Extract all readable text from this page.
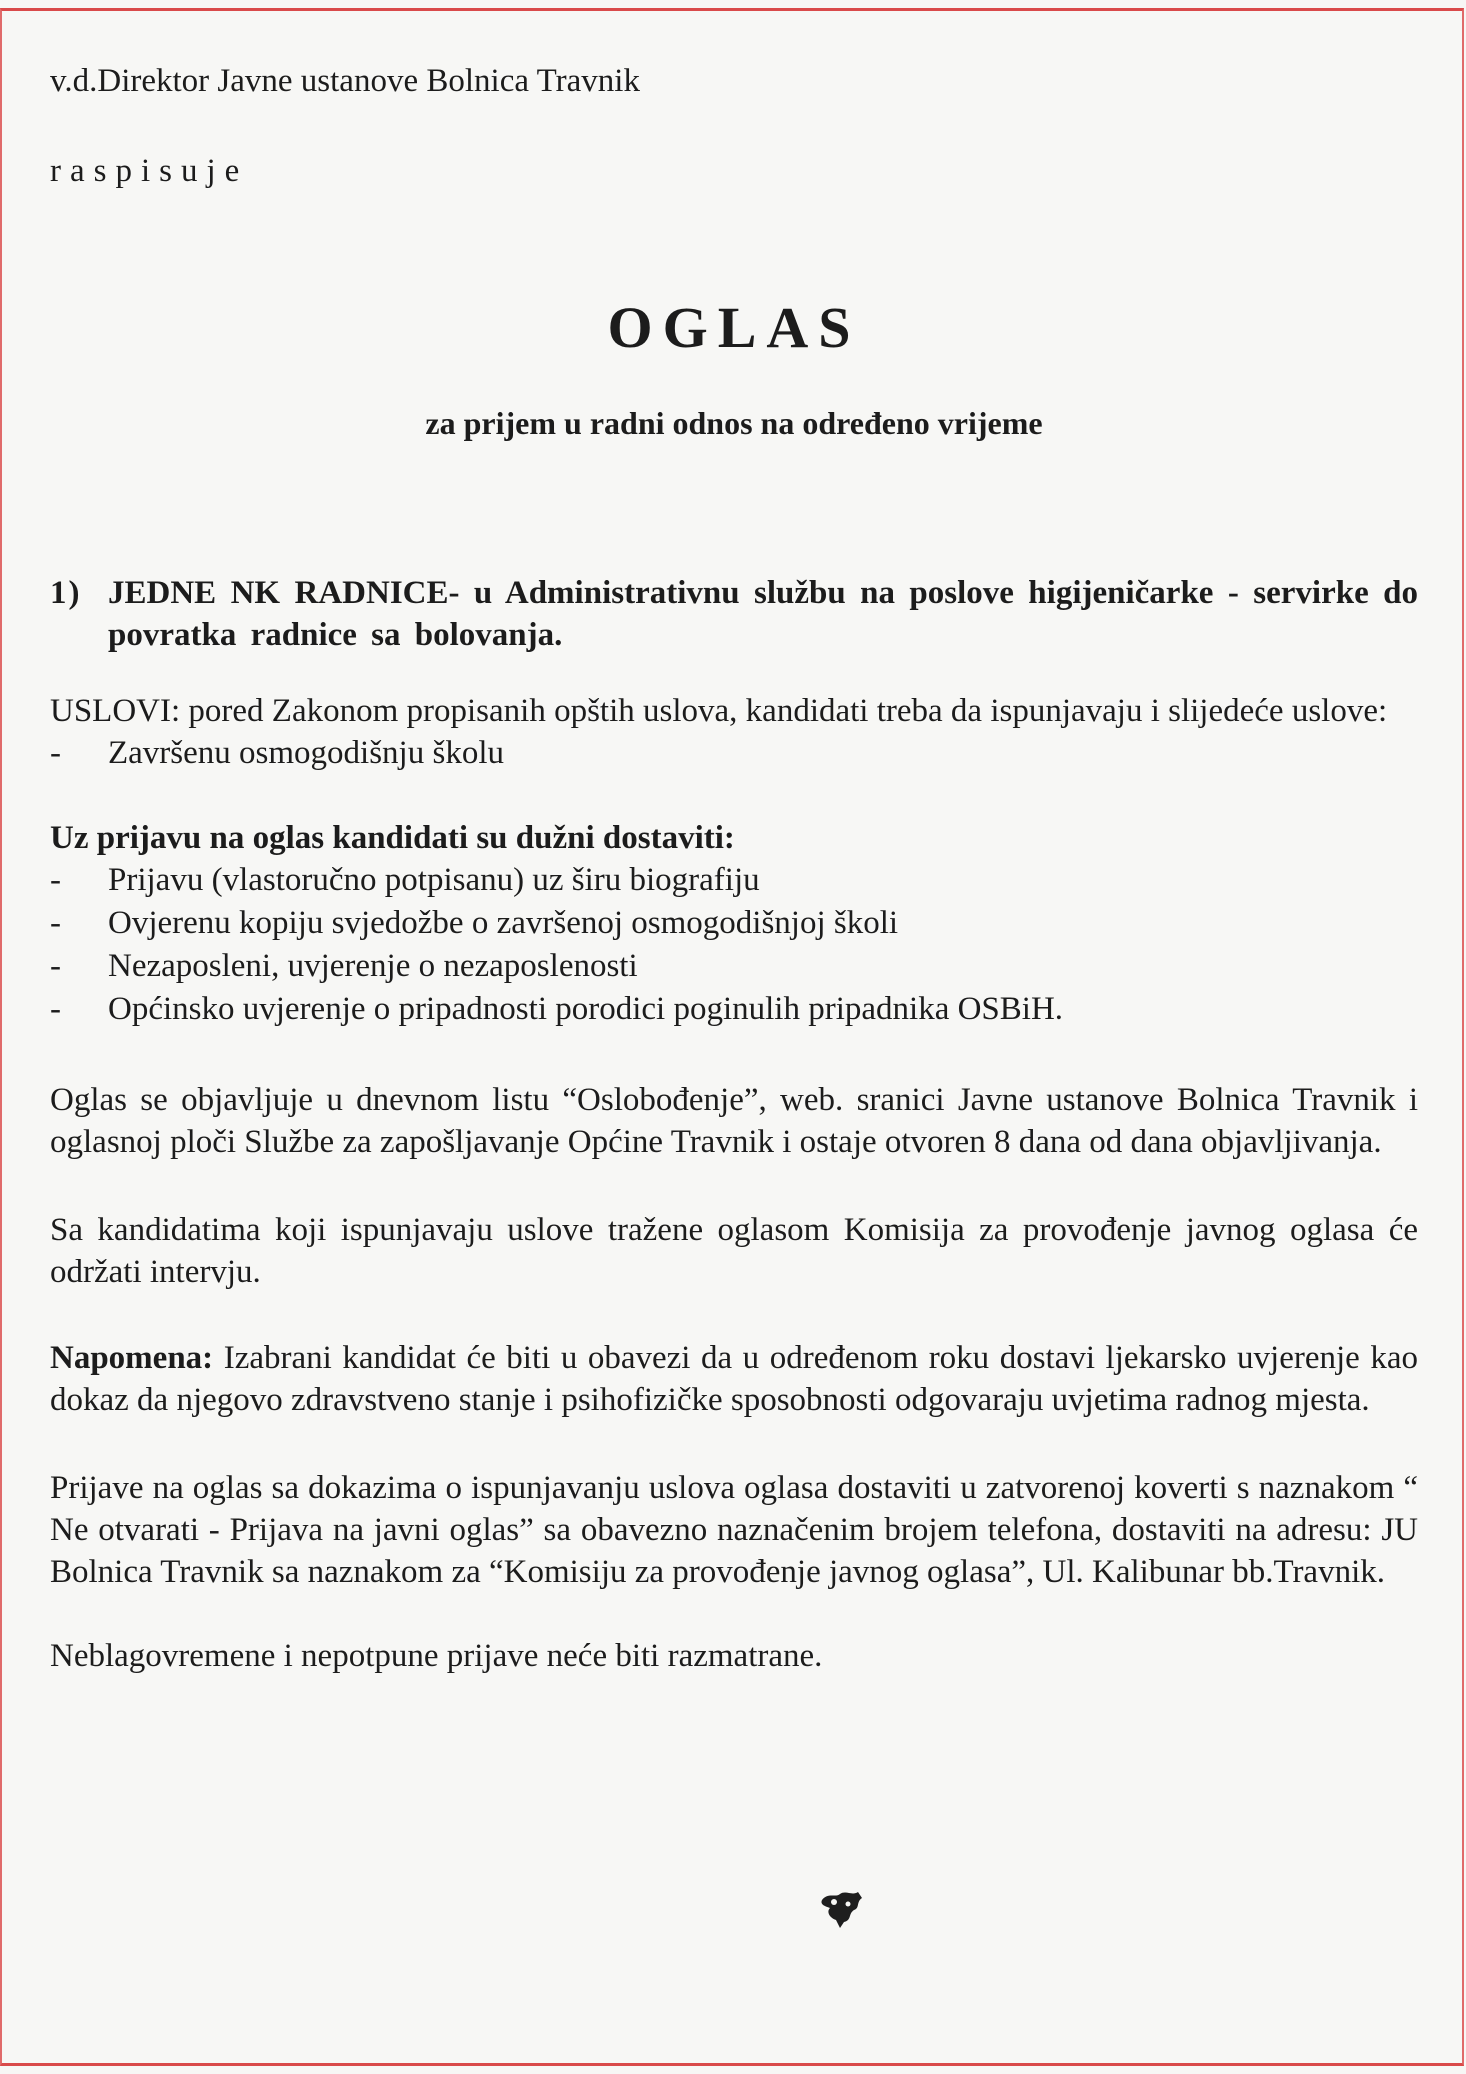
v.d.Direktor Javne ustanove Bolnica Travnik

raspisuje

OGLAS

za prijem u radni odnos na određeno vrijeme

1) JEDNE NK RADNICE- u Administrativnu službu na poslove higijeničarke - servirke do povratka radnice sa bolovanja.

USLOVI: pored Zakonom propisanih opštih uslova, kandidati treba da ispunjavaju i slijedeće uslove:

-	Završenu osmogodišnju školu

Uz prijavu na oglas kandidati su dužni dostaviti:

-	Prijavu (vlastoručno potpisanu) uz širu biografiju
-	Ovjerenu kopiju svjedožbe o završenoj osmogodišnjoj školi
-	Nezaposleni, uvjerenje o nezaposlenosti
-	Općinsko uvjerenje o pripadnosti porodici poginulih pripadnika OSBiH.

Oglas se objavljuje u dnevnom listu “Oslobođenje”, web. sranici Javne ustanove Bolnica Travnik i oglasnoj ploči Službe za zapošljavanje Općine Travnik i ostaje otvoren 8 dana od dana objavljivanja.

Sa kandidatima koji ispunjavaju uslove tražene oglasom Komisija za provođenje javnog oglasa će održati intervju.

Napomena: Izabrani kandidat će biti u obavezi da u određenom roku dostavi ljekarsko uvjerenje kao dokaz da njegovo zdravstveno stanje i psihofizičke sposobnosti odgovaraju uvjetima radnog mjesta.

Prijave na oglas sa dokazima o ispunjavanju uslova oglasa dostaviti u zatvorenoj koverti s naznakom “ Ne otvarati - Prijava na javni oglas” sa obavezno naznačenim brojem telefona, dostaviti na adresu: JU Bolnica Travnik sa naznakom za “Komisiju za provođenje javnog oglasa”, Ul. Kalibunar bb.Travnik.

Neblagovremene i nepotpune prijave neće biti razmatrane.
